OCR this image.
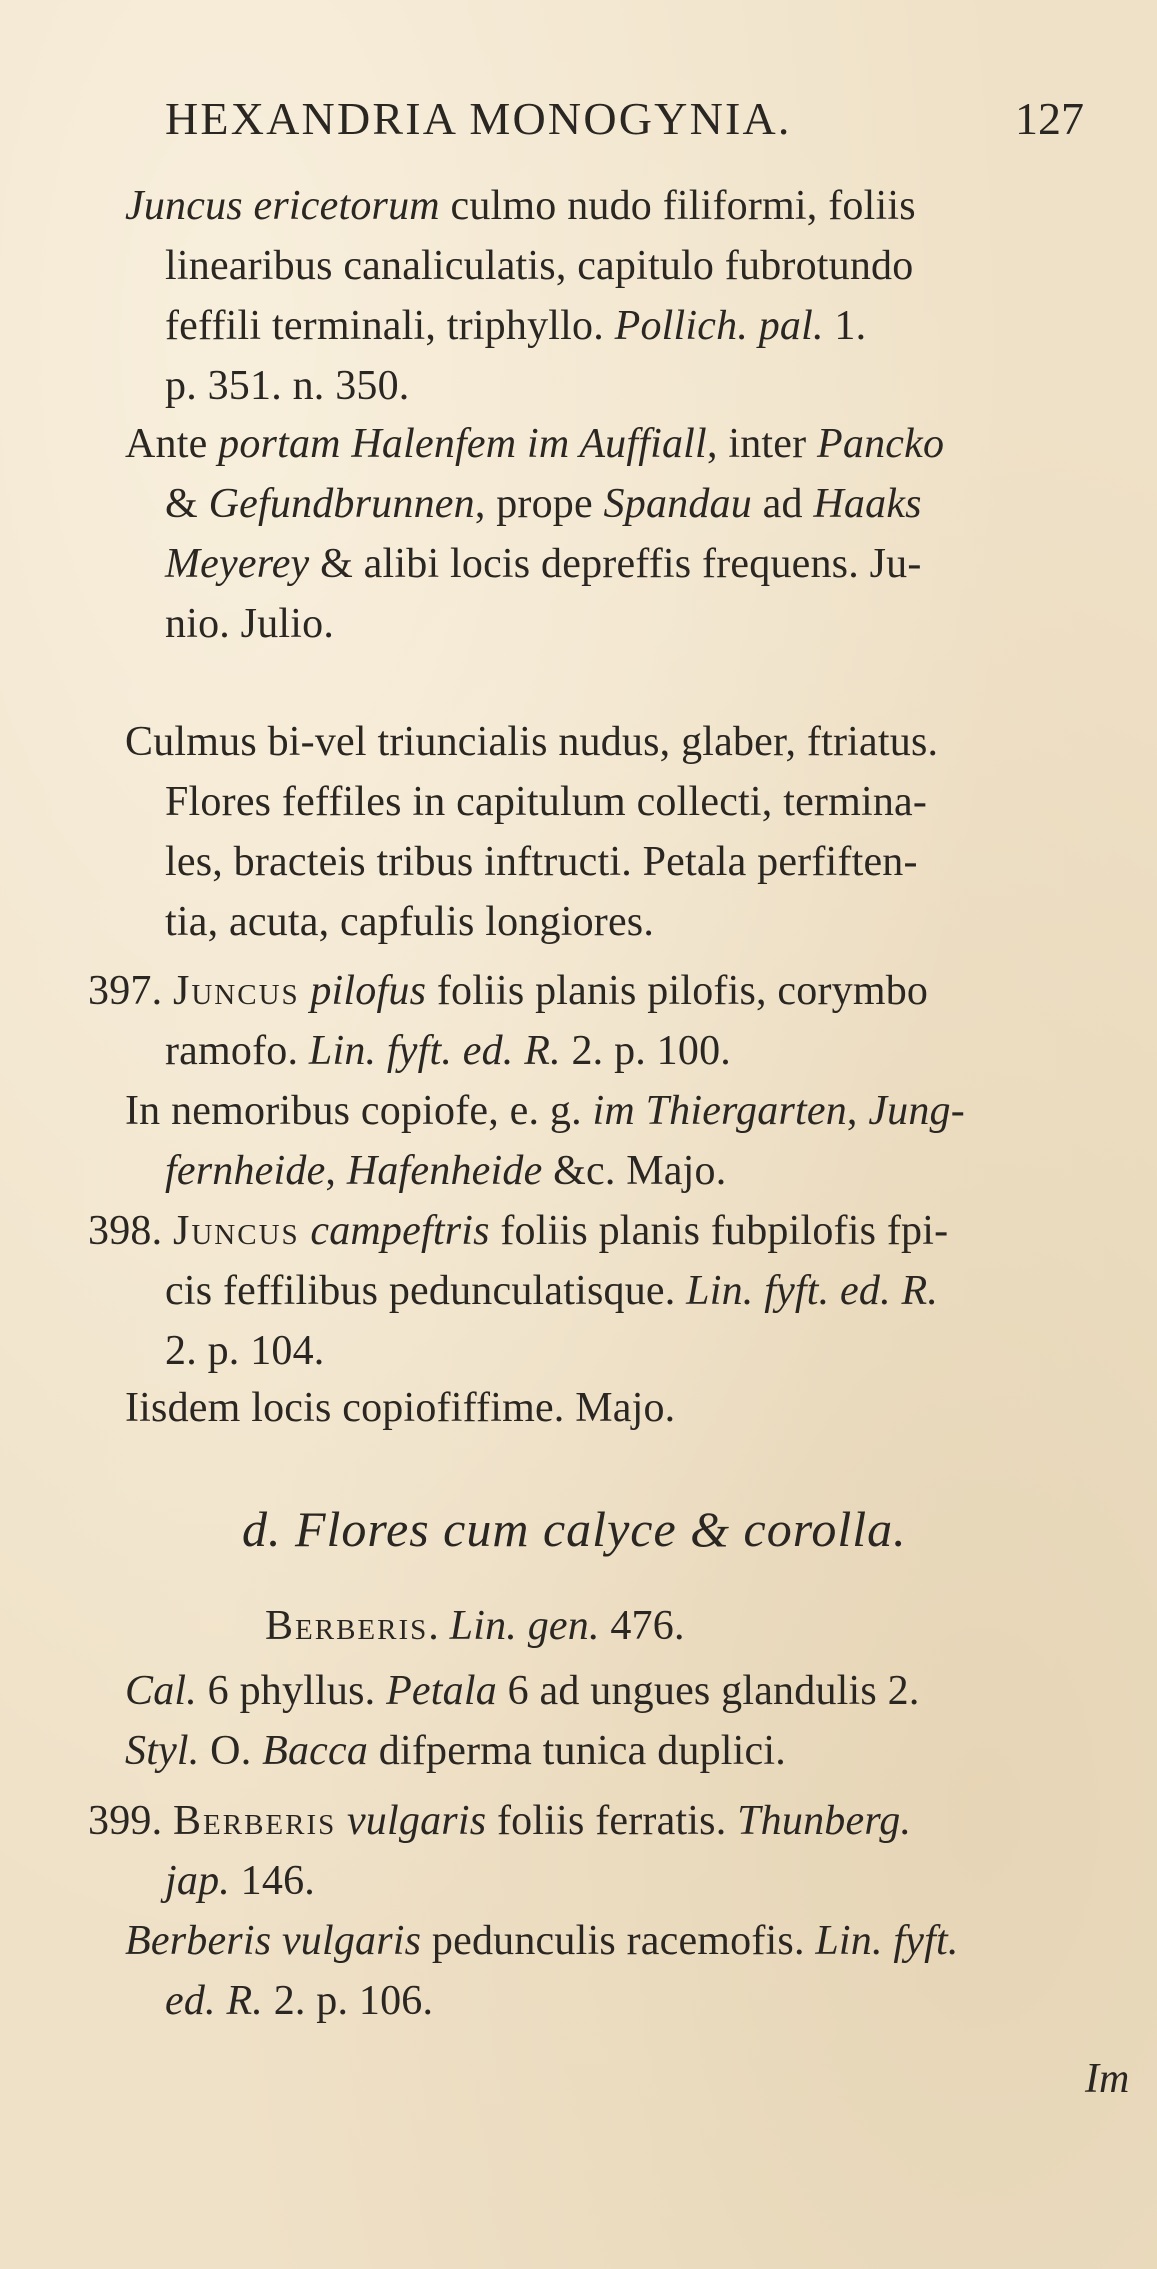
HEXANDRIA MONOGYNIA.	127
Juncus ericetorum culmo nudo filiformi, foliis
linearibus canaliculatis, capitulo fubrotundo
feffili terminali, triphyllo. Pollich. pal. 1.
p. 351. n. 350.
Ante portam Halenfem im Auffiall, inter Pancko
& Gefundbrunnen, prope Spandau ad Haaks
Meyerey & alibi locis depreffis frequens. Ju-
nio. Julio.
Culmus bi-vel triuncialis nudus, glaber, ftriatus.
Flores feffiles in capitulum collecti, termina-
les, bracteis tribus inftructi. Petala perfiften-
tia, acuta, capfulis longiores.
397. Juncus pilofus foliis planis pilofis, corymbo
ramofo. Lin. fyft. ed. R. 2. p. 100.
In nemoribus copiofe, e. g. im Thiergarten, Jung-
fernheide, Hafenheide &c. Majo.
398. Juncus campeftris foliis planis fubpilofis fpi-
cis feffilibus pedunculatisque. Lin. fyft. ed. R.
2. p. 104.
Iisdem locis copiofiffime. Majo.
d. Flores cum calyce & corolla.
Berberis. Lin. gen. 476.
Cal. 6 phyllus. Petala 6 ad ungues glandulis 2.
Styl. O. Bacca difperma tunica duplici.
399. Berberis vulgaris foliis ferratis. Thunberg.
jap. 146.
Berberis vulgaris pedunculis racemofis. Lin. fyft.
ed. R. 2. p. 106.
Im
